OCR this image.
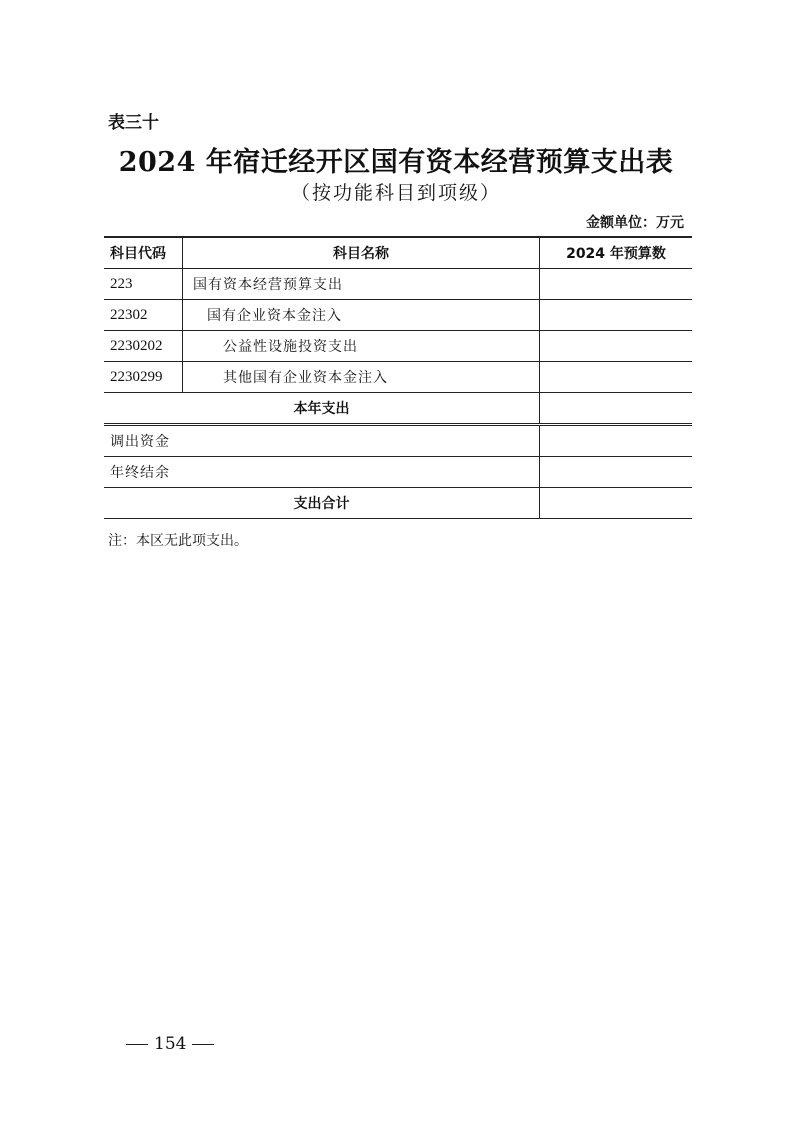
表三十
2024 年宿迁经开区国有资本经营预算支出表
（按功能科目到项级）
金额单位：万元
科目代码	科目名称	2024 年预算数
223	国有资本经营预算支出	
22302	国有企业资本金注入	
2230202	公益性设施投资支出	
2230299	其他国有企业资本金注入	
本年支出		
调出资金		
年终结余		
支出合计		
注：本区无此项支出。
154
